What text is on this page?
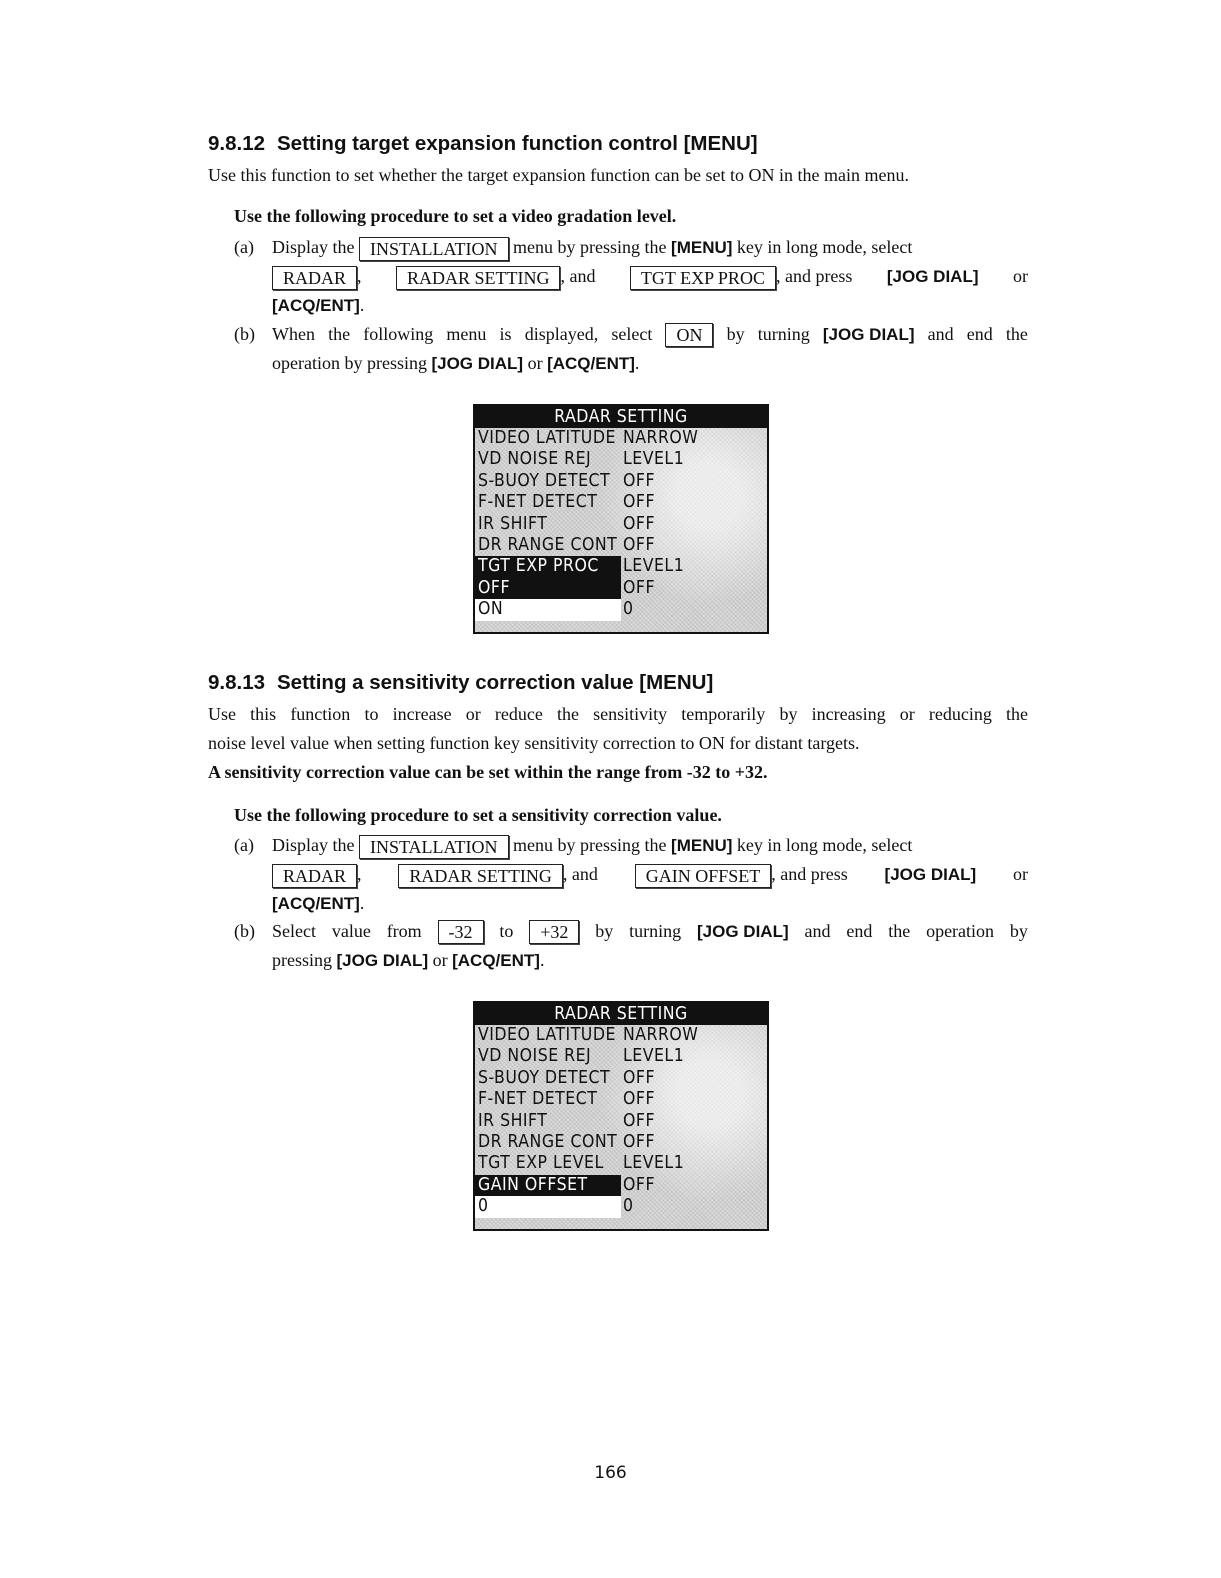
9.8.12 Setting target expansion function control [MENU]
Use this function to set whether the target expansion function can be set to ON in the main menu.
Use the following procedure to set a video gradation level.
(a) Display the INSTALLATION menu by pressing the [MENU] key in long mode, select
RADAR ,	RADAR SETTING , and	TGT EXP PROC , and press [JOG DIAL] or
[ACQ/ENT].
(b) When the following menu is displayed, select	ON	by turning [JOG DIAL] and end the
operation by pressing [JOG DIAL] or [ACQ/ENT].
RADAR SETTING
VIDEO LATITUDE NARROW
VD NOISE REJ	LEVEL1
S-BUOY DETECT OFF
F-NET DETECT	OFF
IR SHIFT	OFF
DR RANGE CONT OFF
TGT EXP PROC	LEVEL1
OFF	OFF
ON	0
9.8.13 Setting a sensitivity correction value [MENU]
Use this function to increase or reduce the sensitivity temporarily by increasing or reducing the
noise level value when setting function key sensitivity correction to ON for distant targets.
A sensitivity correction value can be set within the range from -32 to +32.
Use the following procedure to set a sensitivity correction value.
(a) Display the INSTALLATION menu by pressing the [MENU] key in long mode, select
RADAR ,	RADAR SETTING , and	GAIN OFFSET , and press [JOG DIAL] or
[ACQ/ENT].
(b) Select value from	-32	to	+32	by turning [JOG DIAL] and end the operation by
pressing [JOG DIAL] or [ACQ/ENT].
RADAR SETTING
VIDEO LATITUDE NARROW
VD NOISE REJ	LEVEL1
S-BUOY DETECT OFF
F-NET DETECT	OFF
IR SHIFT	OFF
DR RANGE CONT OFF
TGT EXP LEVEL	LEVEL1
GAIN OFFSET	OFF
0	0
166
